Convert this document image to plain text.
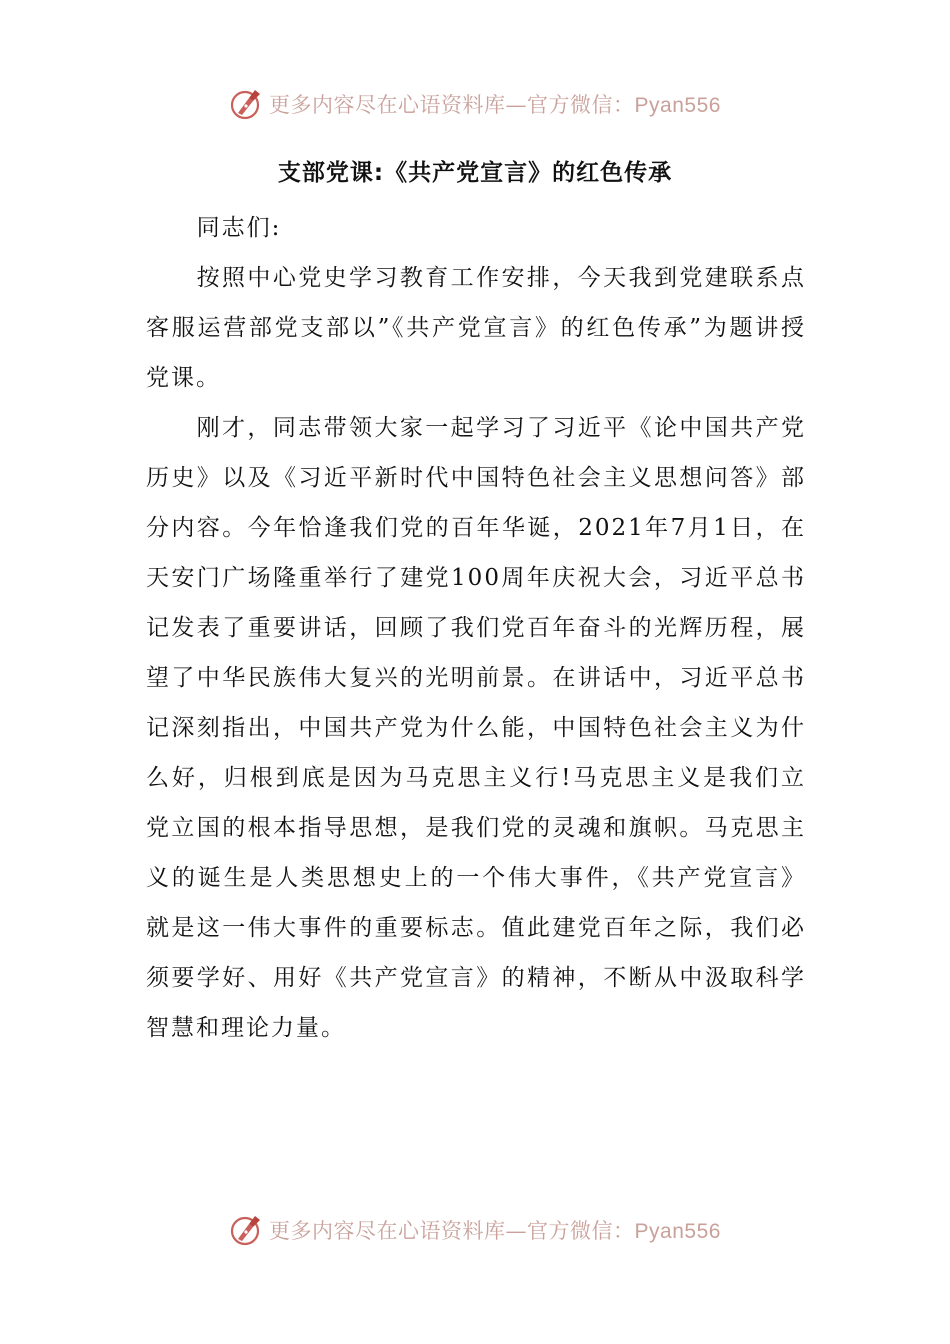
更多内容尽在心语资料库—官方微信：Pyan556
支部党课:《共产党宣言》的红色传承

同志们:

按照中心党史学习教育工作安排，今天我到党建联系点客服运营部党支部以”《共产党宣言》的红色传承”为题讲授党课。

刚才，同志带领大家一起学习了习近平《论中国共产党历史》以及《习近平新时代中国特色社会主义思想问答》部分内容。今年恰逢我们党的百年华诞，2021年7月1日，在天安门广场隆重举行了建党100周年庆祝大会，习近平总书记发表了重要讲话，回顾了我们党百年奋斗的光辉历程，展望了中华民族伟大复兴的光明前景。在讲话中，习近平总书记深刻指出，中国共产党为什么能，中国特色社会主义为什么好，归根到底是因为马克思主义行!马克思主义是我们立党立国的根本指导思想，是我们党的灵魂和旗帜。马克思主义的诞生是人类思想史上的一个伟大事件，《共产党宣言》就是这一伟大事件的重要标志。值此建党百年之际，我们必须要学好、用好《共产党宣言》的精神，不断从中汲取科学智慧和理论力量。

更多内容尽在心语资料库—官方微信：Pyan556
